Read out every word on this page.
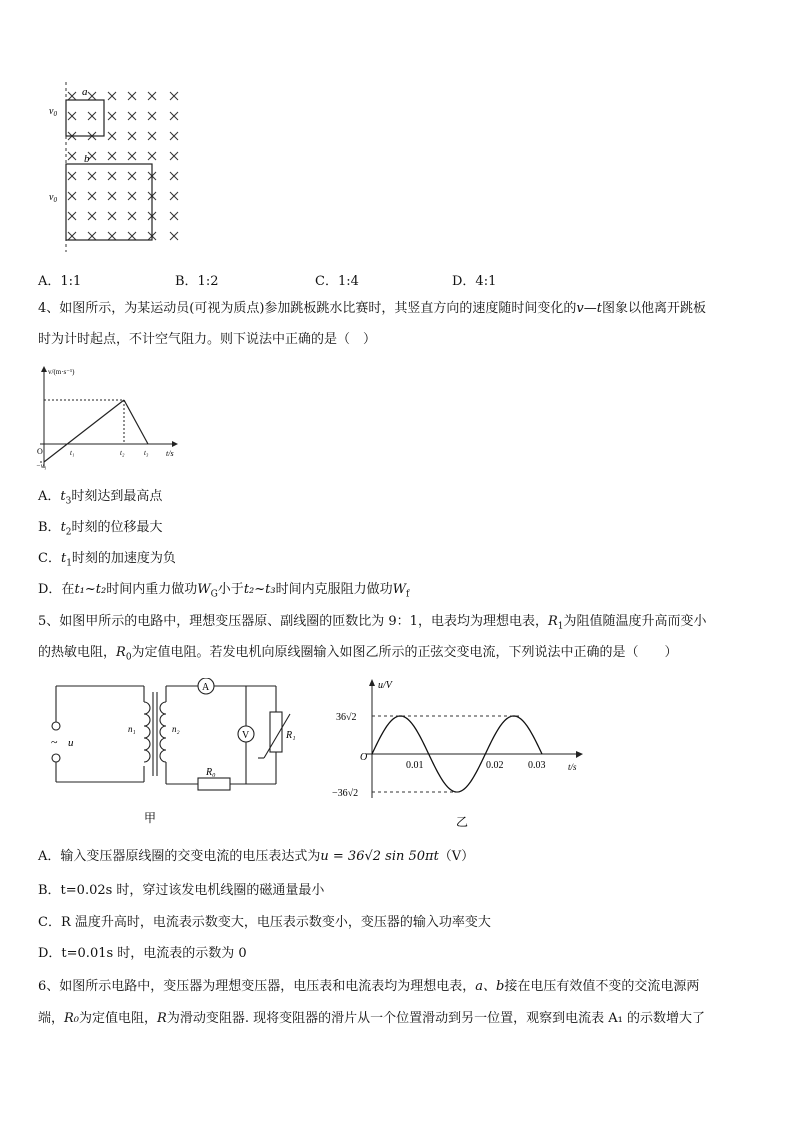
a
b
$v_0$
$v_0$
A．1:1	B．1:2	C．1:4	D．4:1
4、如图所示，为某运动员(可视为质点)参加跳板跳水比赛时，其竖直方向的速度随时间变化的v—t图象以他离开跳板
时为计时起点，不计空气阻力。则下说法中正确的是（　）
v/(m·s⁻¹)
t/s
O
−v₁
t₁	t₂	t₃
A．$t_3$时刻达到最高点
B．$t_2$时刻的位移最大
C．$t_1$时刻的加速度为负
D．在t₁~t₂时间内重力做功$W_G$小于t₂~t₃时间内克服阻力做功$W_f$
5、如图甲所示的电路中，理想变压器原、副线圈的匝数比为 9：1，电表均为理想电表，$R_1$为阻值随温度升高而变小
的热敏电阻，$R_0$为定值电阻。若发电机向原线圈输入如图乙所示的正弦交变电流，下列说法中正确的是（　　）
~ u
n₁	n₂
A
V
R₀
R₁
甲
u/V
36√2
−36√2
O
0.01	0.02 0.03	t/s
乙
A．输入变压器原线圈的交变电流的电压表达式为u = 36√2 sin 50πt（V）
B．t=0.02s 时，穿过该发电机线圈的磁通量最小
C．R 温度升高时，电流表示数变大，电压表示数变小，变压器的输入功率变大
D．t=0.01s 时，电流表的示数为 0
6、如图所示电路中，变压器为理想变压器，电压表和电流表均为理想电表，a、b接在电压有效值不变的交流电源两
端，R₀为定值电阻，R为滑动变阻器. 现将变阻器的滑片从一个位置滑动到另一位置，观察到电流表 A₁ 的示数增大了
